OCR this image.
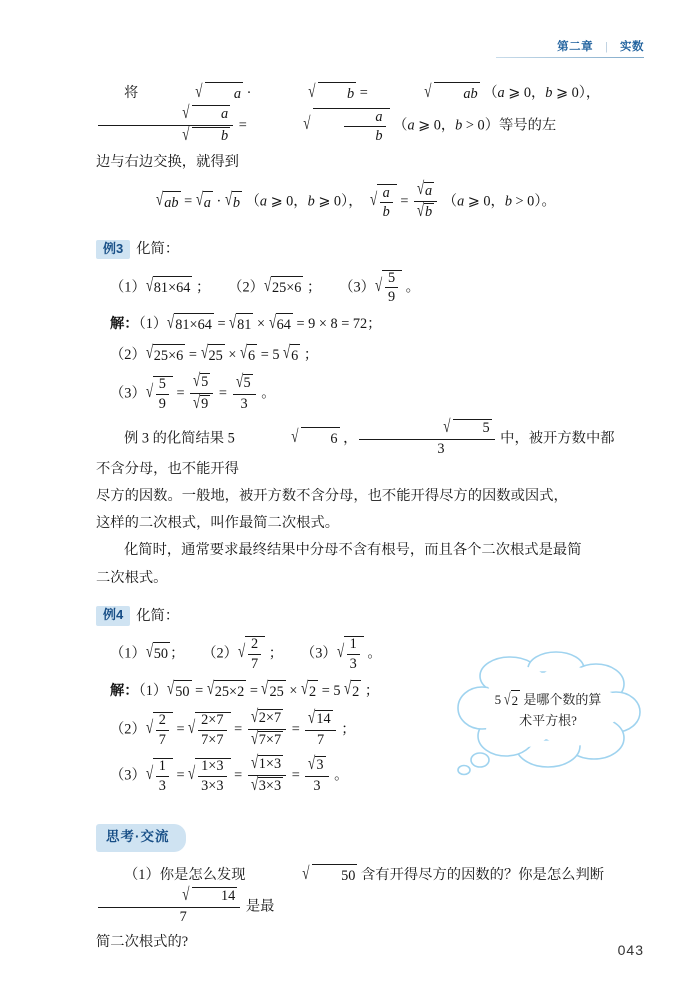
第二章 | 实数

将	√ a ·	√ b =	√ ab （a ⩾ 0，b ⩾ 0），
$\frac{√ a}{√ b}$ =	√ $\frac{a}{b} (a$ ⩾ 0，b > 0）等号的左

边与右边交换，就得到

√ab = √a · √b （a ⩾ 0，b ⩾ 0），  √ $\frac{a}{b} = \frac{√a}{√b} (a$ ⩾ 0，b > 0）。

例3 化简：

（1）√81×64 ；     （2）√25×6 ；     $(3)√ \frac{5}{9}$ 。

解：（1）√81×64 = √81 × √64 = 9 × 8 = 72；

（2）√25×6 = √25 × √6 = 5 √6 ；

$(3)√ \frac{5}{9} = \frac{√5}{√9} = \frac{√5}{3}$ 。

例 3 的化简结果 5	√ 6 ， $\frac{√ 5}{3}$ 中，被开方数中都不含分母，也不能开得

尽方的因数。一般地，被开方数不含分母，也不能开得尽方的因数或因式，

这样的二次根式，叫作最简二次根式。

化简时，通常要求最终结果中分母不含有根号，而且各个二次根式是最简

二次根式。

例4 化简：

（1）√50 ；     $(2)√ \frac{2}{7}$ ；     $(3)√ \frac{1}{3}$ 。

解：（1）√50 = √25×2 = √25 × √2 = 5 √2 ；

$(2)√ \frac{2}{7}$ = √ $\frac{2\times 7}{7\times 7} = \frac{√2\times 7}{√7\times 7} = \frac{√14}{7}$ ；

$(3)√ \frac{1}{3}$ = √ $\frac{1\times 3}{3\times 3} = \frac{√1\times 3}{√3\times 3} = \frac{√3}{3}$ 。

思考·交流

（1）你是怎么发现	√ 50 含有开得尽方的因数的？你是怎么判断
$\frac{√ 14}{7}$ 是最

简二次根式的?

5 √2 是哪个数的算
术平方根?
043
